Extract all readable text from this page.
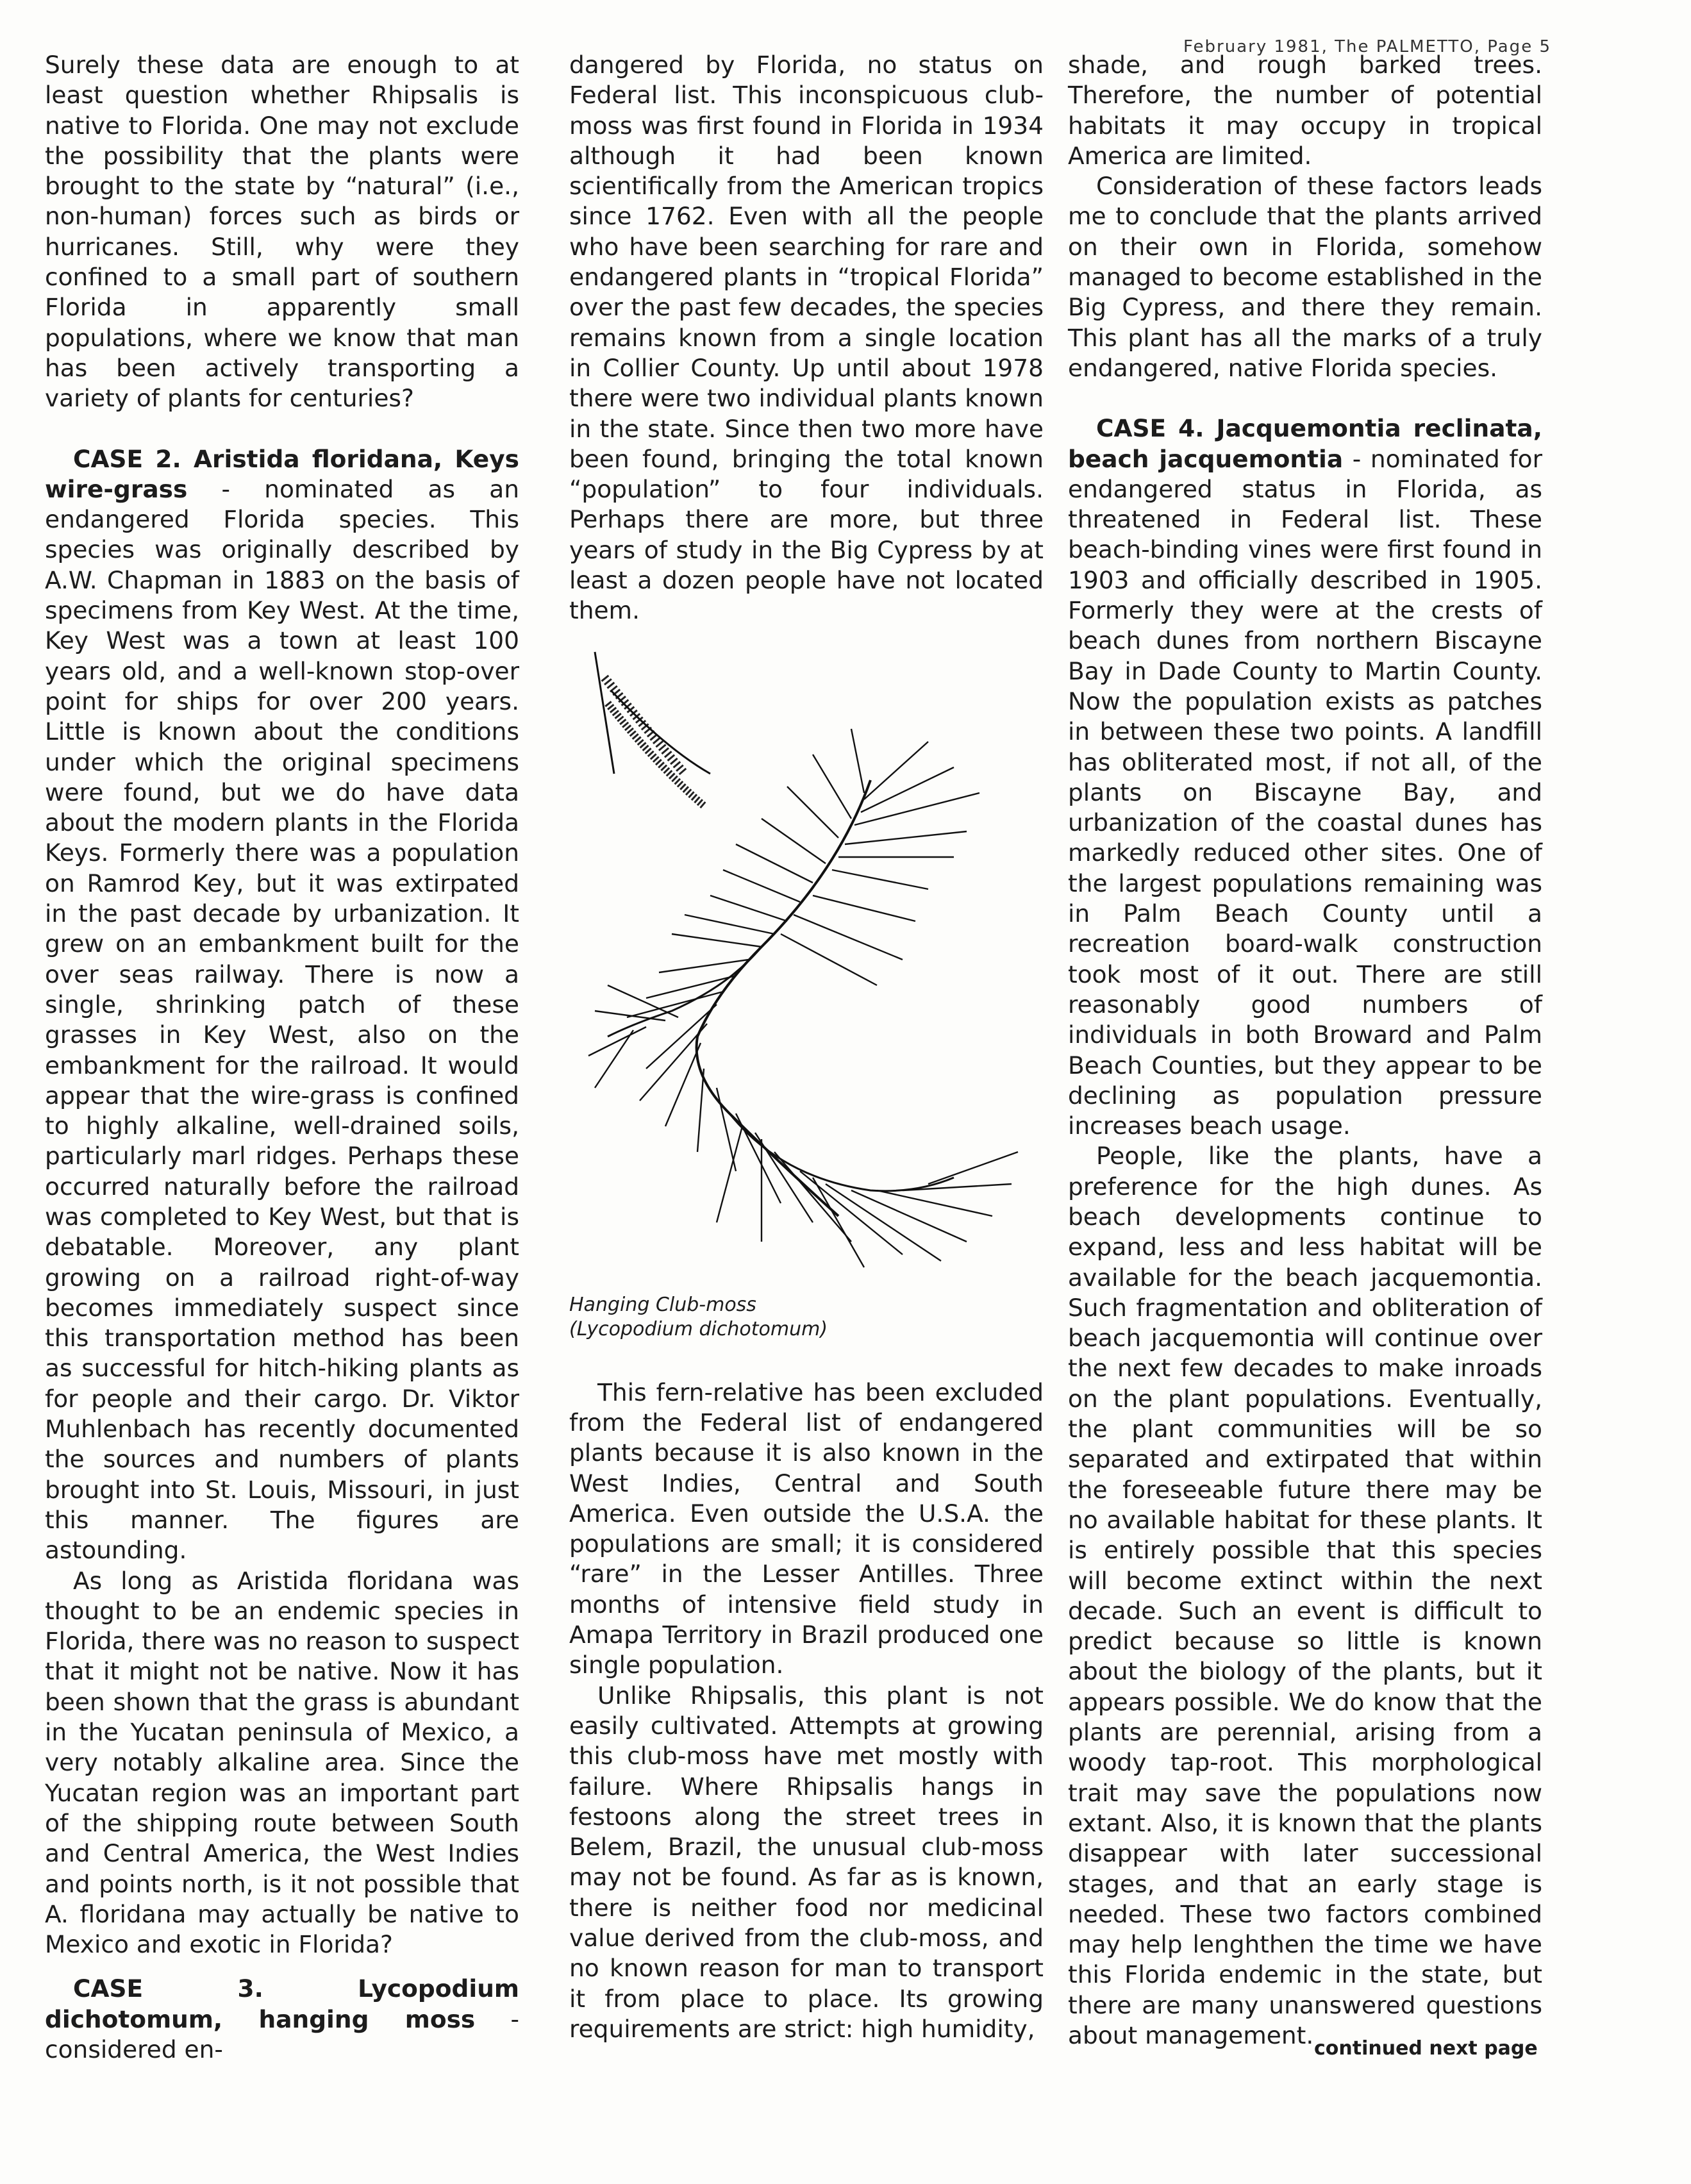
February 1981, The PALMETTO, Page 5

Surely these data are enough to at least question whether Rhipsalis is native to Florida. One may not exclude the possibility that the plants were brought to the state by “natural” (i.e., non-human) forces such as birds or hurricanes. Still, why were they confined to a small part of southern Florida in apparently small populations, where we know that man has been actively transporting a variety of plants for centuries?

CASE 2. Aristida floridana, Keys wire-grass - nominated as an endangered Florida species. This species was originally described by A.W. Chapman in 1883 on the basis of specimens from Key West. At the time, Key West was a town at least 100 years old, and a well-known stop-over point for ships for over 200 years. Little is known about the conditions under which the original specimens were found, but we do have data about the modern plants in the Florida Keys. Formerly there was a population on Ramrod Key, but it was extirpated in the past decade by urbanization. It grew on an embankment built for the over seas railway. There is now a single, shrinking patch of these grasses in Key West, also on the embankment for the railroad. It would appear that the wire-grass is confined to highly alkaline, well-drained soils, particularly marl ridges. Perhaps these occurred naturally before the railroad was completed to Key West, but that is debatable. Moreover, any plant growing on a railroad right-of-way becomes immediately suspect since this transportation method has been as successful for hitch-hiking plants as for people and their cargo. Dr. Viktor Muhlenbach has recently documented the sources and numbers of plants brought into St. Louis, Missouri, in just this manner. The figures are astounding.

As long as Aristida floridana was thought to be an endemic species in Florida, there was no reason to suspect that it might not be native. Now it has been shown that the grass is abundant in the Yucatan peninsula of Mexico, a very notably alkaline area. Since the Yucatan region was an important part of the shipping route between South and Central America, the West Indies and points north, is it not possible that A. floridana may actually be native to Mexico and exotic in Florida?

CASE 3. Lycopodium dichotomum, hanging moss - considered en-

dangered by Florida, no status on Federal list. This inconspicuous club-moss was first found in Florida in 1934 although it had been known scientifically from the American tropics since 1762. Even with all the people who have been searching for rare and endangered plants in “tropical Florida” over the past few decades, the species remains known from a single location in Collier County. Up until about 1978 there were two individual plants known in the state. Since then two more have been found, bringing the total known “population” to four individuals. Perhaps there are more, but three years of study in the Big Cypress by at least a dozen people have not located them.

Hanging Club-moss
(Lycopodium dichotomum)

This fern-relative has been excluded from the Federal list of endangered plants because it is also known in the West Indies, Central and South America. Even outside the U.S.A. the populations are small; it is considered “rare” in the Lesser Antilles. Three months of intensive field study in Amapa Territory in Brazil produced one single population.

Unlike Rhipsalis, this plant is not easily cultivated. Attempts at growing this club-moss have met mostly with failure. Where Rhipsalis hangs in festoons along the street trees in Belem, Brazil, the unusual club-moss may not be found. As far as is known, there is neither food nor medicinal value derived from the club-moss, and no known reason for man to transport it from place to place. Its growing requirements are strict: high humidity,

shade, and rough barked trees. Therefore, the number of potential habitats it may occupy in tropical America are limited.

Consideration of these factors leads me to conclude that the plants arrived on their own in Florida, somehow managed to become established in the Big Cypress, and there they remain. This plant has all the marks of a truly endangered, native Florida species.

CASE 4. Jacquemontia reclinata, beach jacquemontia - nominated for endangered status in Florida, as threatened in Federal list. These beach-binding vines were first found in 1903 and officially described in 1905. Formerly they were at the crests of beach dunes from northern Biscayne Bay in Dade County to Martin County. Now the population exists as patches in between these two points. A landfill has obliterated most, if not all, of the plants on Biscayne Bay, and urbanization of the coastal dunes has markedly reduced other sites. One of the largest populations remaining was in Palm Beach County until a recreation board-walk construction took most of it out. There are still reasonably good numbers of individuals in both Broward and Palm Beach Counties, but they appear to be declining as population pressure increases beach usage.

People, like the plants, have a preference for the high dunes. As beach developments continue to expand, less and less habitat will be available for the beach jacquemontia. Such fragmentation and obliteration of beach jacquemontia will continue over the next few decades to make inroads on the plant populations. Eventually, the plant communities will be so separated and extirpated that within the foreseeable future there may be no available habitat for these plants. It is entirely possible that this species will become extinct within the next decade. Such an event is difficult to predict because so little is known about the biology of the plants, but it appears possible. We do know that the plants are perennial, arising from a woody tap-root. This morphological trait may save the populations now extant. Also, it is known that the plants disappear with later successional stages, and that an early stage is needed. These two factors combined may help lenghthen the time we have this Florida endemic in the state, but there are many unanswered questions about management. continued next page
